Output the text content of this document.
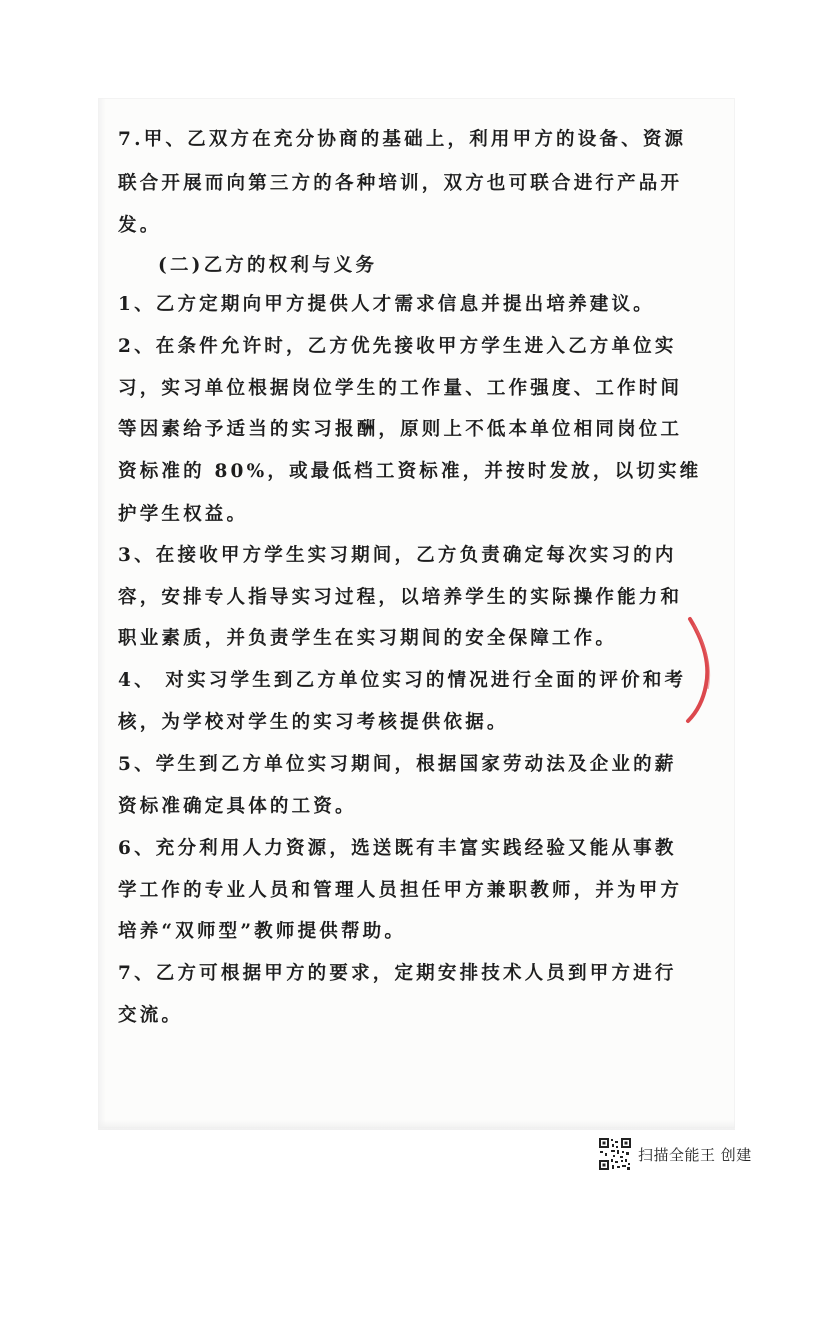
7.甲、乙双方在充分协商的基础上，利用甲方的设备、资源
联合开展而向第三方的各种培训，双方也可联合进行产品开
发。
(二)乙方的权利与义务
1、乙方定期向甲方提供人才需求信息并提出培养建议。
2、在条件允许时，乙方优先接收甲方学生进入乙方单位实
习，实习单位根据岗位学生的工作量、工作强度、工作时间
等因素给予适当的实习报酬，原则上不低本单位相同岗位工
资标准的 80%，或最低档工资标准，并按时发放，以切实维
护学生权益。
3、在接收甲方学生实习期间，乙方负责确定每次实习的内
容，安排专人指导实习过程，以培养学生的实际操作能力和
职业素质，并负责学生在实习期间的安全保障工作。
4、 对实习学生到乙方单位实习的情况进行全面的评价和考
核，为学校对学生的实习考核提供依据。
5、学生到乙方单位实习期间，根据国家劳动法及企业的薪
资标准确定具体的工资。
6、充分利用人力资源，选送既有丰富实践经验又能从事教
学工作的专业人员和管理人员担任甲方兼职教师，并为甲方
培养“双师型”教师提供帮助。
7、乙方可根据甲方的要求，定期安排技术人员到甲方进行
交流。
扫描全能王 创建
